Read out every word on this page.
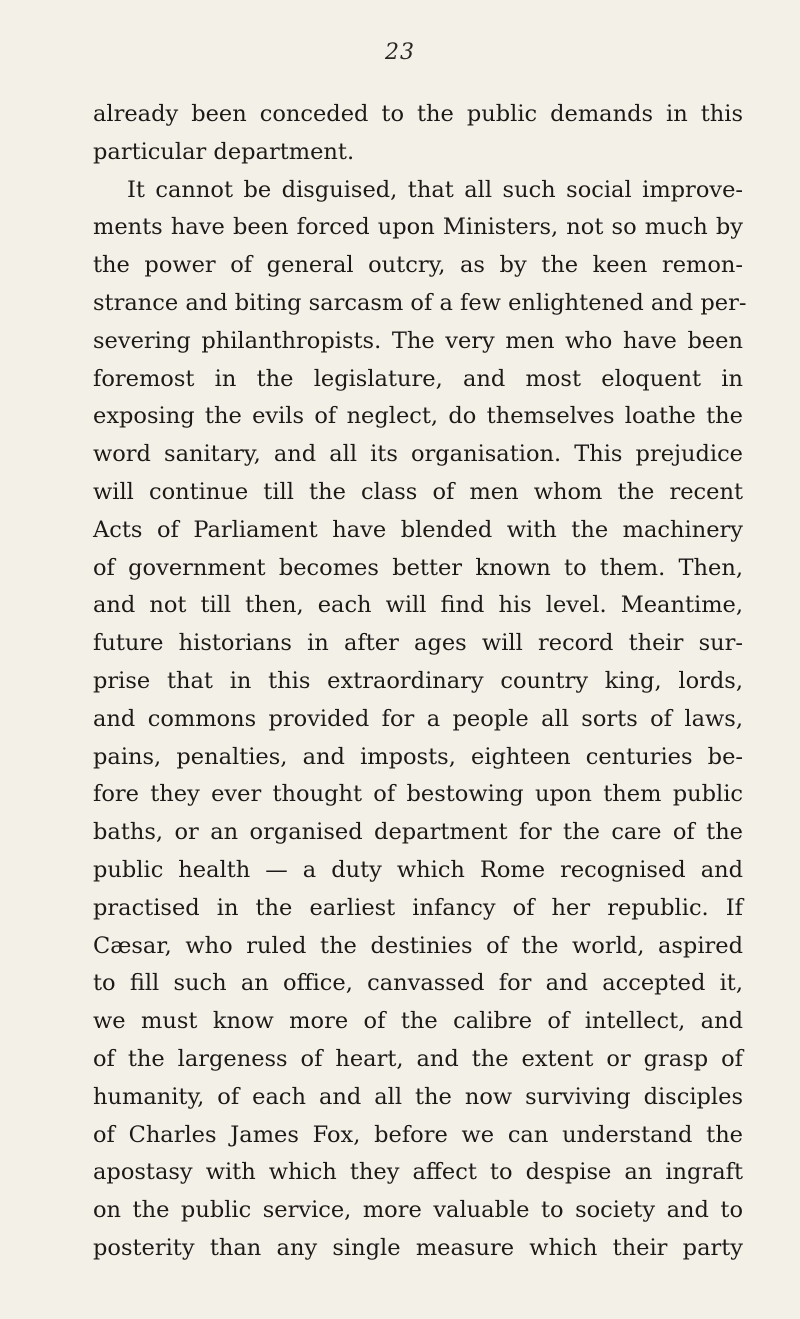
23
already been conceded to the public demands in this
particular department.
It cannot be disguised, that all such social improve-
ments have been forced upon Ministers, not so much by
the power of general outcry, as by the keen remon-
strance and biting sarcasm of a few enlightened and per-
severing philanthropists. The very men who have been
foremost in the legislature, and most eloquent in
exposing the evils of neglect, do themselves loathe the
word sanitary, and all its organisation. This prejudice
will continue till the class of men whom the recent
Acts of Parliament have blended with the machinery
of government becomes better known to them. Then,
and not till then, each will find his level. Meantime,
future historians in after ages will record their sur-
prise that in this extraordinary country king, lords,
and commons provided for a people all sorts of laws,
pains, penalties, and imposts, eighteen centuries be-
fore they ever thought of bestowing upon them public
baths, or an organised department for the care of the
public health — a duty which Rome recognised and
practised in the earliest infancy of her republic. If
Cæsar, who ruled the destinies of the world, aspired
to fill such an office, canvassed for and accepted it,
we must know more of the calibre of intellect, and
of the largeness of heart, and the extent or grasp of
humanity, of each and all the now surviving disciples
of Charles James Fox, before we can understand the
apostasy with which they affect to despise an ingraft
on the public service, more valuable to society and to
posterity than any single measure which their party
